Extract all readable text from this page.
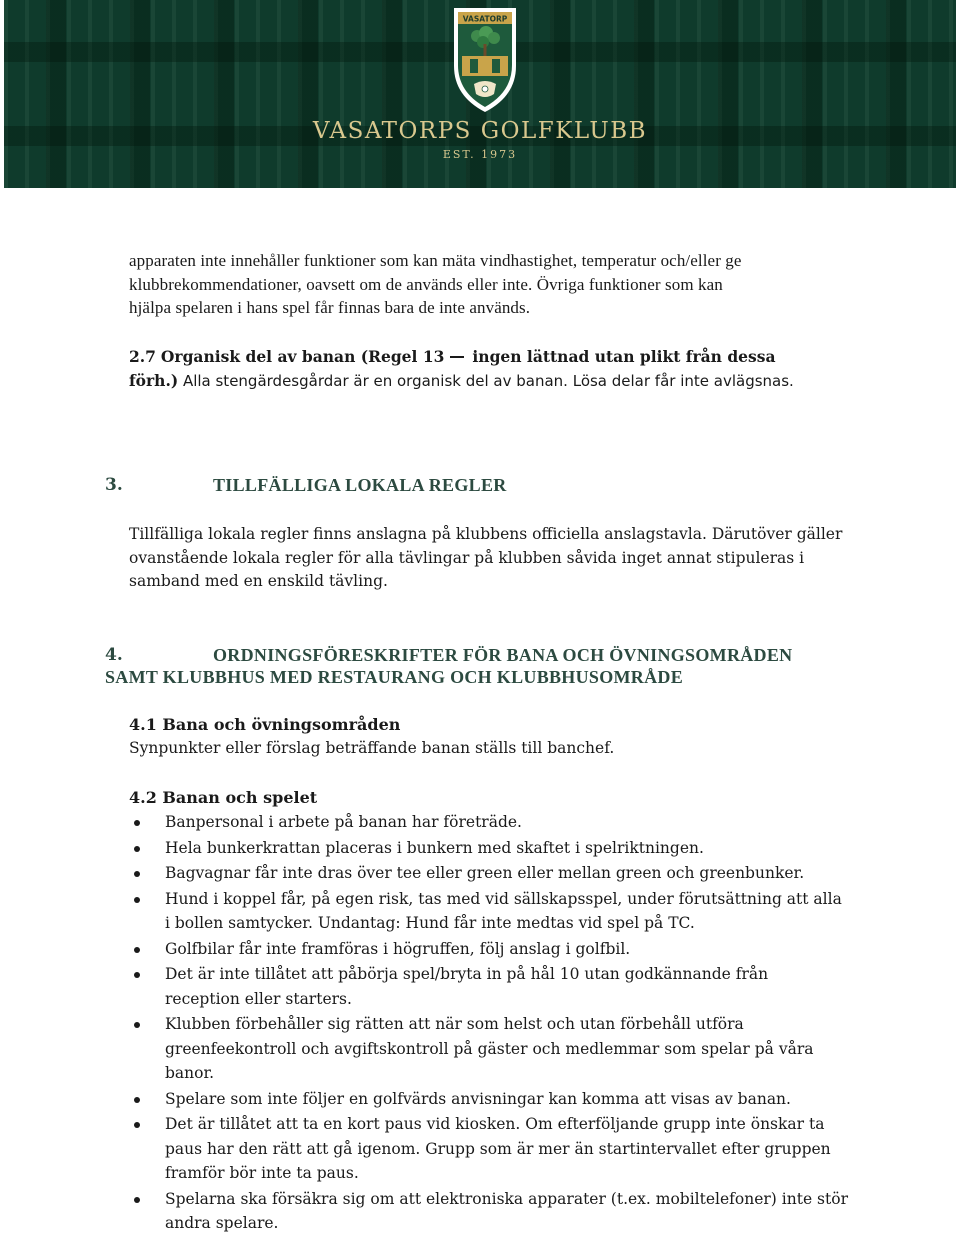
VASATORP
VASATORPS GOLFKLUBB
EST. 1973

apparaten inte innehåller funktioner som kan mäta vindhastighet, temperatur och/eller ge
klubbrekommendationer, oavsett om de används eller inte. Övriga funktioner som kan
hjälpa spelaren i hans spel får finnas bara de inte används.

2.7 Organisk del av banan (Regel 13 ingen lättnad utan plikt från dessa
förh.) Alla stengärdesgårdar är en organisk del av banan. Lösa delar får inte avlägsnas.

3.	TILLFÄLLIGA LOKALA REGLER

Tillfälliga lokala regler finns anslagna på klubbens officiella anslagstavla. Därutöver gäller
ovanstående lokala regler för alla tävlingar på klubben såvida inget annat stipuleras i
samband med en enskild tävling.

4.	ORDNINGSFÖRESKRIFTER FÖR BANA OCH ÖVNINGSOMRÅDEN
SAMT KLUBBHUS MED RESTAURANG OCH KLUBBHUSOMRÅDE
4.1 Bana och övningsområden

Synpunkter eller förslag beträffande banan ställs till banchef.

4.2 Banan och spelet
Banpersonal i arbete på banan har företräde.
Hela bunkerkrattan placeras i bunkern med skaftet i spelriktningen.
Bagvagnar får inte dras över tee eller green eller mellan green och greenbunker.
Hund i koppel får, på egen risk, tas med vid sällskapsspel, under förutsättning att alla
i bollen samtycker. Undantag: Hund får inte medtas vid spel på TC.
Golfbilar får inte framföras i högruffen, följ anslag i golfbil.
Det är inte tillåtet att påbörja spel/bryta in på hål 10 utan godkännande från
reception eller starters.
Klubben förbehåller sig rätten att när som helst och utan förbehåll utföra
greenfeekontroll och avgiftskontroll på gäster och medlemmar som spelar på våra
banor.
Spelare som inte följer en golfvärds anvisningar kan komma att visas av banan.
Det är tillåtet att ta en kort paus vid kiosken. Om efterföljande grupp inte önskar ta
paus har den rätt att gå igenom. Grupp som är mer än startintervallet efter gruppen
framför bör inte ta paus.
Spelarna ska försäkra sig om att elektroniska apparater (t.ex. mobiltelefoner) inte stör
andra spelare.
